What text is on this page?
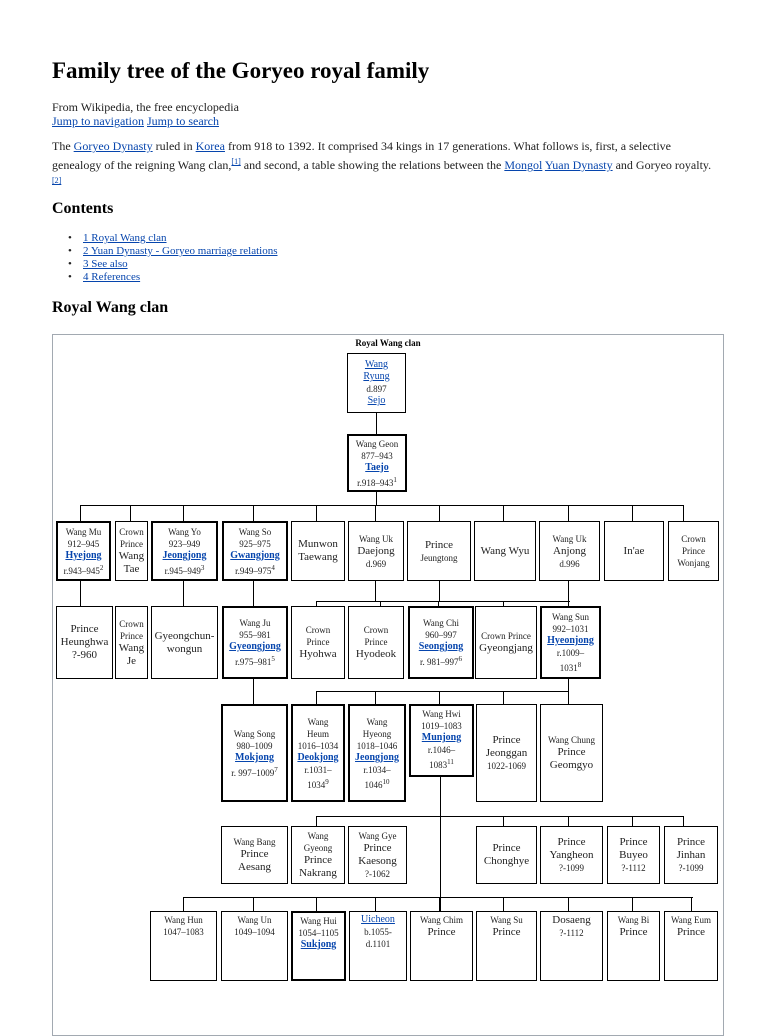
Family tree of the Goryeo royal family
From Wikipedia, the free encyclopedia
Jump to navigation Jump to search
The Goryeo Dynasty ruled in Korea from 918 to 1392. It comprised 34 kings in 17 generations. What follows is, first, a selective genealogy of the reigning Wang clan,[1] and second, a table showing the relations between the Mongol Yuan Dynasty and Goryeo royalty.[2]
Contents
• 1 Royal Wang clan
• 2 Yuan Dynasty - Goryeo marriage relations
• 3 See also
• 4 References
Royal Wang clan
Royal Wang clan
Wang
Ryung
d.897
Sejo
Wang Geon
877–943
Taejo
$r.918-943^1$
Wang Mu
912–945
Hyejong
$r.943-945^2$
Crown
Prince
Wang
Tae
Wang Yo
923–949
Jeongjong
$r.945-949^3$
Wang So
925–975
Gwangjong
$r.949-975^4$
Munwon
Taewang
Wang Uk
Daejong
d.969
Prince
Jeungtong
Wang Wyu
Wang Uk
Anjong
d.996
In'ae
Crown
Prince
Wonjang
Prince
Heunghwa
?-960
Crown
Prince
Wang
Je
Gyeongchun-
wongun
Wang Ju
955–981
Gyeongjong
$r.975-981^5$
Crown
Prince
Hyohwa
Crown
Prince
Hyodeok
Wang Chi
960–997
Seongjong
r. $981-997^6$
Crown Prince
Gyeongjang
Wang Sun
992–1031
Hyeonjong
r.1009–
1031$^8$
Wang Song
980–1009
Mokjong
r. 997–1009$^7$
Wang
Heum
1016–1034
Deokjong
r.1031–
1034$^9$
Wang
Hyeong
1018–1046
Jeongjong
r.1034–
1046$^{10}$
Wang Hwi
1019–1083
Munjong
r.1046–
1083$^{11}$
Prince
Jeonggan
1022-1069
Wang Chung
Prince
Geomgyo
Wang Bang
Prince
Aesang
Wang
Gyeong
Prince
Nakrang
Wang Gye
Prince
Kaesong
?-1062
Prince
Chonghye
Prince
Yangheon
?-1099
Prince
Buyeo
?-1112
Prince
Jinhan
?-1099
Wang Hun
1047–1083
Wang Un
1049–1094
Wang Hui
1054–1105
Sukjong
Uicheon
b.1055-
d.1101
Wang Chim
Prince
Wang Su
Prince
Dosaeng
?-1112
Wang Bi
Prince
Wang Eum
Prince
